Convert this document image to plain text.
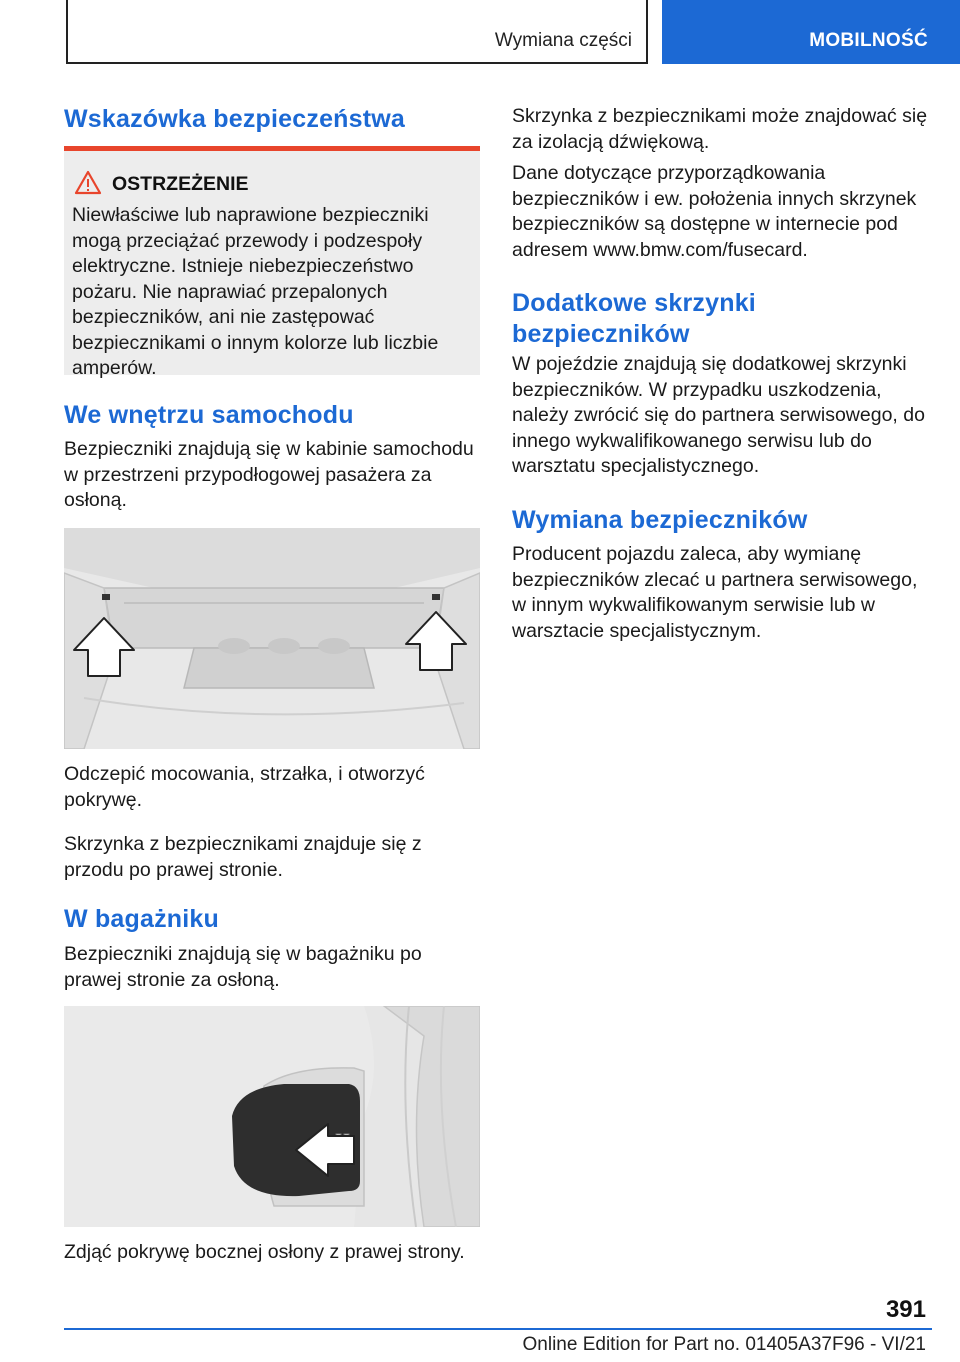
Wymiana części	MOBILNOŚĆ
Wskazówka bezpieczeństwa
OSTRZEŻENIE
Niewłaściwe lub naprawione bezpieczniki mogą przeciążać przewody i podzespoły elektryczne. Istnieje niebezpieczeństwo pożaru. Nie naprawiać przepalonych bezpieczników, ani nie zastępować bezpiecznikami o innym kolorze lub liczbie amperów.
We wnętrzu samochodu

Bezpieczniki znajdują się w kabinie samochodu w przestrzeni przypodłogowej pasażera za osłoną.

Odczepić mocowania, strzałka, i otworzyć pokrywę.

Skrzynka z bezpiecznikami znajduje się z przodu po prawej stronie.

W bagażniku

Bezpieczniki znajdują się w bagażniku po prawej stronie za osłoną.

Zdjąć pokrywę bocznej osłony z prawej strony.

Skrzynka z bezpiecznikami może znajdować się za izolacją dźwiękową.

Dane dotyczące przyporządkowania bezpieczników i ew. położenia innych skrzynek bezpieczników są dostępne w internecie pod adresem www.bmw.com/fusecard.

Dodatkowe skrzynki bezpieczników

W pojeździe znajdują się dodatkowej skrzynki bezpieczników. W przypadku uszkodzenia, należy zwrócić się do partnera serwisowego, do innego wykwalifikowanego serwisu lub do warsztatu specjalistycznego.

Wymiana bezpieczników

Producent pojazdu zaleca, aby wymianę bezpieczników zlecać u partnera serwisowego, w innym wykwalifikowanym serwisie lub w warsztacie specjalistycznym.

391
Online Edition for Part no. 01405A37F96 - VI/21
